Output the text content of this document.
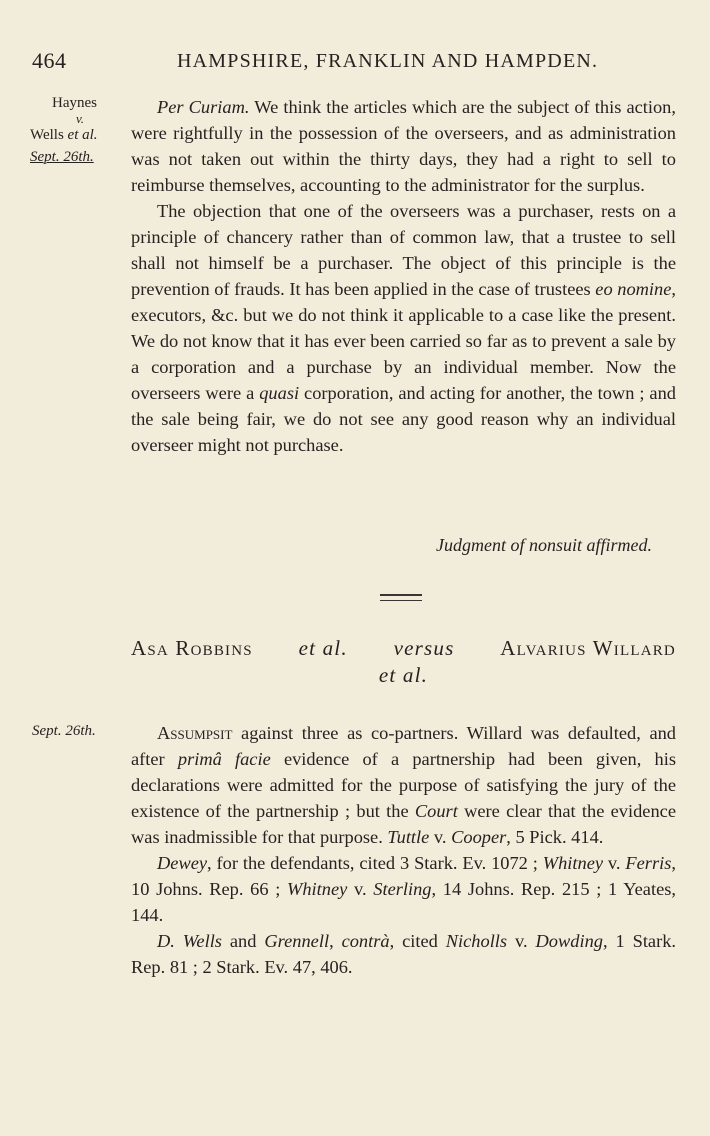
464	HAMPSHIRE, FRANKLIN AND HAMPDEN.
Haynes
v.
Wells et al.
Sept. 26th.

Per Curiam. We think the articles which are the subject of this action, were rightfully in the possession of the overseers, and as administration was not taken out within the thirty days, they had a right to sell to reimburse themselves, accounting to the administrator for the surplus.

The objection that one of the overseers was a purchaser, rests on a principle of chancery rather than of common law, that a trustee to sell shall not himself be a purchaser. The object of this principle is the prevention of frauds. It has been applied in the case of trustees eo nomine, executors, &c. but we do not think it applicable to a case like the present. We do not know that it has ever been carried so far as to prevent a sale by a corporation and a purchase by an individual member. Now the overseers were a quasi corporation, and acting for another, the town ; and the sale being fair, we do not see any good reason why an individual overseer might not purchase.

Judgment of nonsuit affirmed.
Asa Robbins et al. versus Alvarius Willard
et al.
Sept. 26th.	Assumpsit against three as co-partners. Willard was defaulted, and after primâ facie evidence of a partnership had been given, his declarations were admitted for the purpose of satisfying the jury of the existence of the partnership ; but the Court were clear that the evidence was inadmissible for that purpose. Tuttle v. Cooper, 5 Pick. 414.

Dewey, for the defendants, cited 3 Stark. Ev. 1072 ; Whitney v. Ferris, 10 Johns. Rep. 66 ; Whitney v. Sterling, 14 Johns. Rep. 215 ; 1 Yeates, 144.

D. Wells and Grennell, contrà, cited Nicholls v. Dowding, 1 Stark. Rep. 81 ; 2 Stark. Ev. 47, 406.
